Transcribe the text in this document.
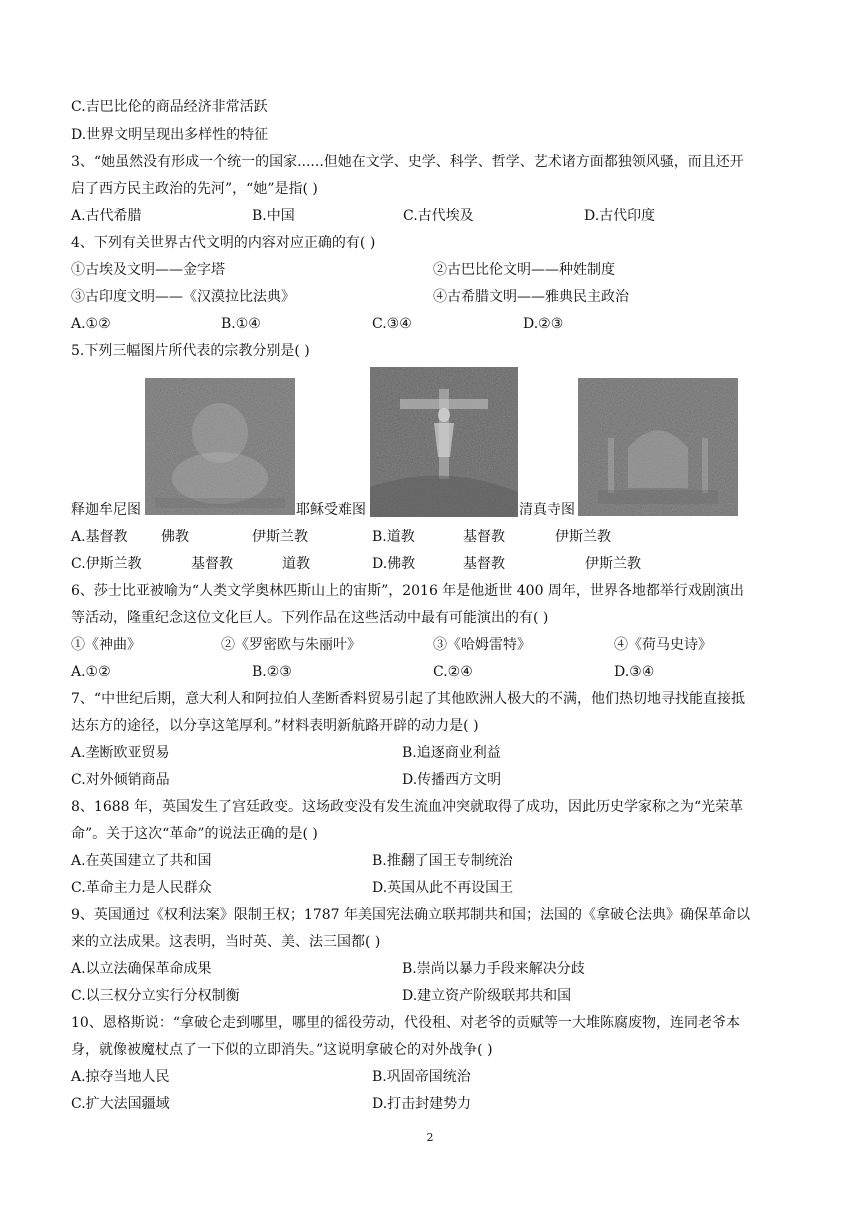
C.吉巴比伦的商品经济非常活跃
D.世界文明呈现出多样性的特征
3、“她虽然没有形成一个统一的国家......但她在文学、史学、科学、哲学、艺术诸方面都独领风骚，而且还开
启了西方民主政治的先河”，“她”是指( )
A.古代希腊	B.中国	C.古代埃及	D.古代印度
4、下列有关世界古代文明的内容对应正确的有( )
①古埃及文明——金字塔	②古巴比伦文明——种姓制度
③古印度文明——《汉漠拉比法典》	④古希腊文明——雅典民主政治
A.①②	B.①④	C.③④	D.②③
5.下列三幅图片所代表的宗教分别是( )
释迦牟尼图	耶稣受难图	清真寺图
A.基督教 佛教	伊斯兰教	B.道教	基督教	伊斯兰教
C.伊斯兰教	基督教	道教	D.佛教	基督教	伊斯兰教
6、莎士比亚被喻为“人类文学奥林匹斯山上的宙斯”，2016 年是他逝世 400 周年，世界各地都举行戏剧演出
等活动，隆重纪念这位文化巨人。下列作品在这些活动中最有可能演出的有( )
①《神曲》	②《罗密欧与朱丽叶》	③《哈姆雷特》	④《荷马史诗》
A.①②	B.②③	C.②④	D.③④
7、“中世纪后期，意大利人和阿拉伯人垄断香料贸易引起了其他欧洲人极大的不满，他们热切地寻找能直接抵
达东方的途径，以分享这笔厚利。”材料表明新航路开辟的动力是( )
A.垄断欧亚贸易	B.追逐商业利益
C.对外倾销商品	D.传播西方文明
8、1688 年，英国发生了宫廷政变。这场政变没有发生流血冲突就取得了成功，因此历史学家称之为“光荣革
命”。关于这次“革命”的说法正确的是( )
A.在英国建立了共和国	B.推翻了国王专制统治
C.革命主力是人民群众	D.英国从此不再设国王
9、英国通过《权利法案》限制王权；1787 年美国宪法确立联邦制共和国；法国的《拿破仑法典》确保革命以
来的立法成果。这表明，当时英、美、法三国都( )
A.以立法确保革命成果	B.崇尚以暴力手段来解决分歧
C.以三权分立实行分权制衡	D.建立资产阶级联邦共和国
10、恩格斯说：“拿破仑走到哪里，哪里的徭役劳动，代役租、对老爷的贡赋等一大堆陈腐废物，连同老爷本
身，就像被魔杖点了一下似的立即消失。”这说明拿破仑的对外战争( )
A.掠夺当地人民	B.巩固帝国统治
C.扩大法国疆域	D.打击封建势力
2
